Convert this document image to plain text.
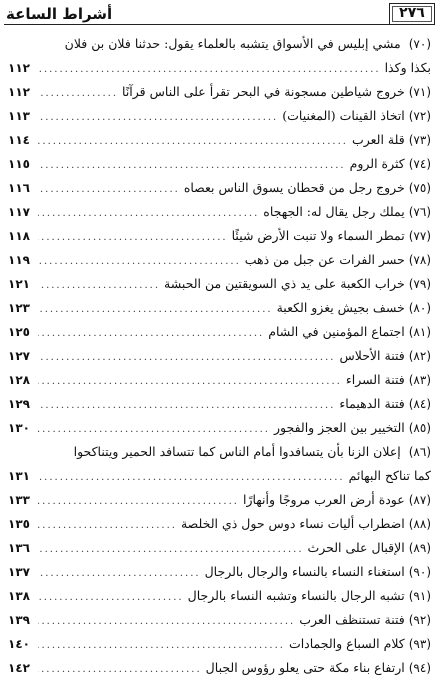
٢٧٦
أشراط الساعة
(٧٠) مشي إبليس في الأسواق يتشبه بالعلماء يقول: حدثنا فلان بن فلان
بكذا وكذا
.....
١١٢
(٧١)
خروج شياطين مسجونة في البحر تقرأ على الناس قرآنًا
.....
١١٢
(٧٢)
اتخاذ القينات (المغنيات)
.....
١١٣
(٧٣)
قلة العرب
.....
١١٤
(٧٤)
كثرة الروم
.....
١١٥
(٧٥)
خروج رجل من قحطان يسوق الناس بعصاه
.....
١١٦
(٧٦)
يملك رجل يقال له: الجهجاه
.....
١١٧
(٧٧)
تمطر السماء ولا تنبت الأرض شيئًا
.....
١١٨
(٧٨)
حسر الفرات عن جبل من ذهب
.....
١١٩
(٧٩)
خراب الكعبة على يد ذي السويقتين من الحبشة
.....
١٢١
(٨٠)
خسف بجيش يغزو الكعبة
.....
١٢٣
(٨١)
اجتماع المؤمنين في الشام
.....
١٢٥
(٨٢)
فتنة الأحلاس
.....
١٢٧
(٨٣)
فتنة السراء
.....
١٢٨
(٨٤)
فتنة الدهيماء
.....
١٢٩
(٨٥)
التخيير بين العجز والفجور
.....
١٣٠
(٨٦) إعلان الزنا بأن يتسافدوا أمام الناس كما تتسافد الحمير ويتناكحوا
كما تناكح البهائم
.....
١٣١
(٨٧)
عودة أرض العرب مروجًا وأنهارًا
.....
١٣٣
(٨٨)
اضطراب أليات نساء دوس حول ذي الخلصة
.....
١٣٥
(٨٩)
الإقبال على الحرث
.....
١٣٦
(٩٠)
استغناء النساء بالنساء والرجال بالرجال
.....
١٣٧
(٩١)
تشبه الرجال بالنساء وتشبه النساء بالرجال
.....
١٣٨
(٩٢)
فتنة تستنظف العرب
.....
١٣٩
(٩٣)
كلام السباع والجمادات
.....
١٤٠
(٩٤)
ارتفاع بناء مكة حتى يعلو رؤوس الجبال
.....
١٤٢
